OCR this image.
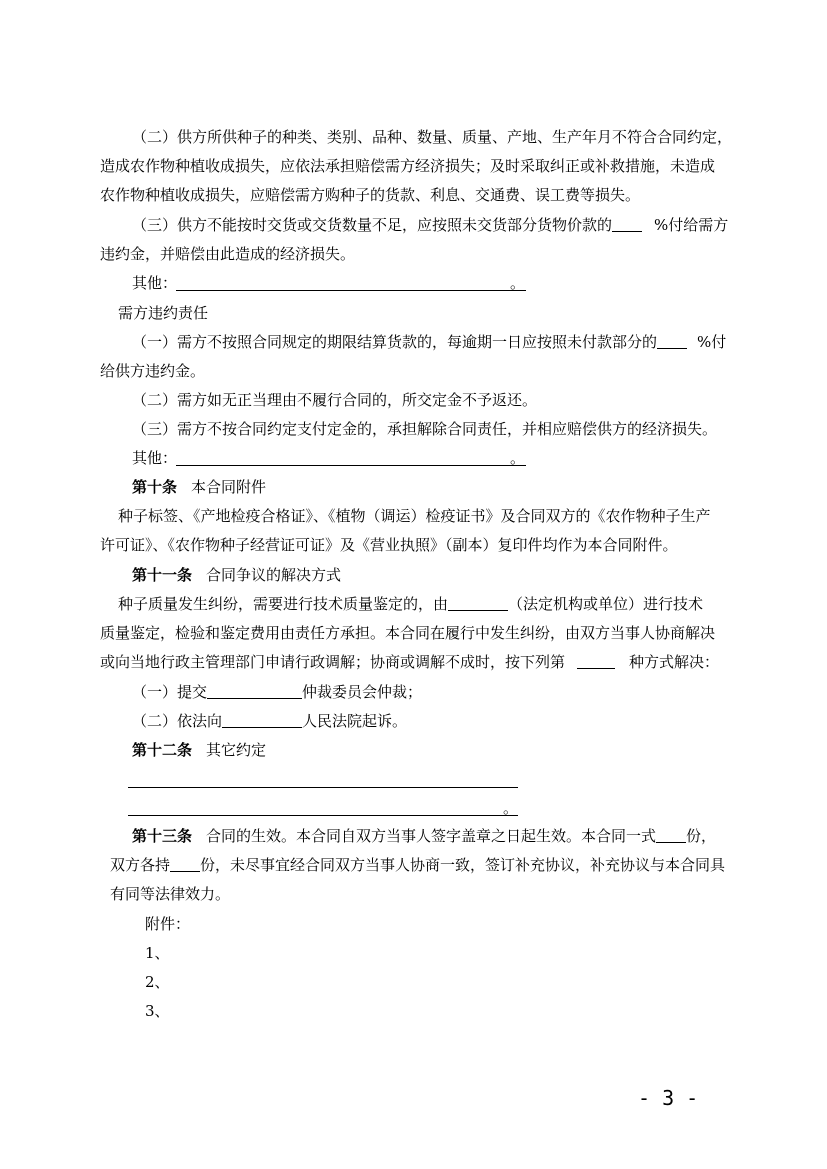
（二）供方所供种子的种类、类别、品种、数量、质量、产地、生产年月不符合合同约定，
造成农作物种植收成损失，应依法承担赔偿需方经济损失；及时采取纠正或补救措施，未造成
农作物种植收成损失，应赔偿需方购种子的货款、利息、交通费、误工费等损失。
（三）供方不能按时交货或交货数量不足，应按照未交货部分货物价款的	%付给需方
违约金，并赔偿由此造成的经济损失。
其他：	。
需方违约责任
（一）需方不按照合同规定的期限结算货款的，每逾期一日应按照未付款部分的	%付
给供方违约金。
（二）需方如无正当理由不履行合同的，所交定金不予返还。
（三）需方不按合同约定支付定金的，承担解除合同责任，并相应赔偿供方的经济损失。
其他：	。
第十条 本合同附件
种子标签、《产地检疫合格证》、《植物（调运）检疫证书》及合同双方的《农作物种子生产
许可证》、《农作物种子经营证可证》及《营业执照》（副本）复印件均作为本合同附件。
第十一条 合同争议的解决方式
种子质量发生纠纷，需要进行技术质量鉴定的，由	（法定机构或单位）进行技术
质量鉴定，检验和鉴定费用由责任方承担。本合同在履行中发生纠纷，由双方当事人协商解决
或向当地行政主管理部门申请行政调解；协商或调解不成时，按下列第	种方式解决：
（一）提交	仲裁委员会仲裁；
（二）依法向	人民法院起诉。
第十二条 其它约定
。
第十三条 合同的生效。本合同自双方当事人签字盖章之日起生效。本合同一式 份，
双方各持 份，未尽事宜经合同双方当事人协商一致，签订补充协议，补充协议与本合同具
有同等法律效力。
附件：
1、
2、
3、
- 3 -
